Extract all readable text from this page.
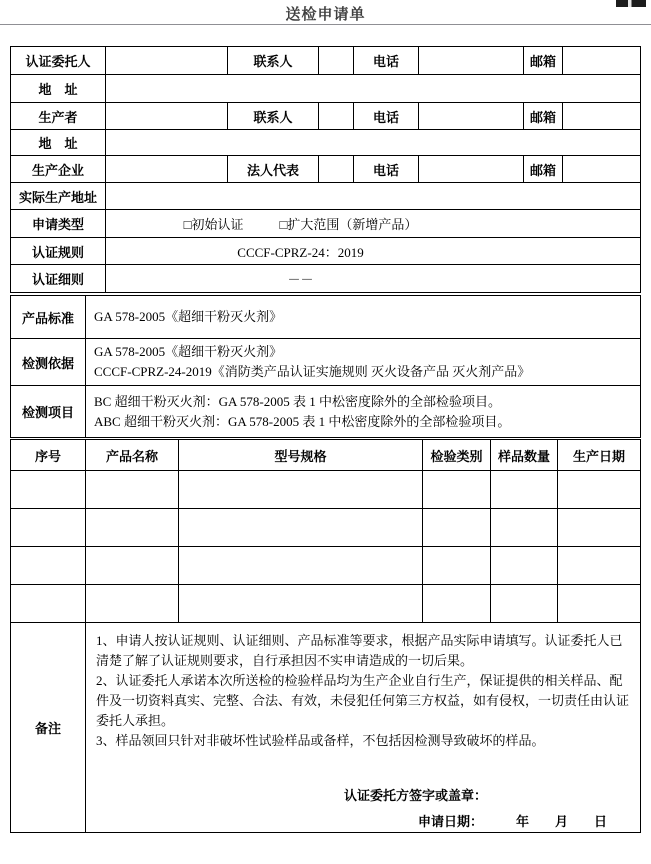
送检申请单
认证委托人		联系人		电话		邮箱	
地　址							
生产者		联系人		电话		邮箱	
地　址							
生产企业		法人代表		电话		邮箱	
实际生产地址							
申请类型	□初始认证 □扩大范围（新增产品）						
认证规则	CCCF-CPRZ-24：2019						
认证细则	－－						
产品标准	GA 578-2005《超细干粉灭火剂》

检测依据	GA 578-2005《超细干粉灭火剂》
CCCF-CPRZ-24-2019《消防类产品认证实施规则 灭火设备产品 灭火剂产品》

检测项目	BC 超细干粉灭火剂：GA 578-2005 表 1 中松密度除外的全部检验项目。
ABC 超细干粉灭火剂：GA 578-2005 表 1 中松密度除外的全部检验项目。
序号	产品名称	型号规格	检验类别	样品数量	生产日期

备注	1、申请人按认证规则、认证细则、产品标准等要求，根据产品实际申请填写。认证委托人已清楚了解了认证规则要求，自行承担因不实申请造成的一切后果。
2、认证委托人承诺本次所送检的检验样品均为生产企业自行生产，保证提供的相关样品、配件及一切资料真实、完整、合法、有效，未侵犯任何第三方权益，如有侵权，一切责任由认证委托人承担。
3、样品领回只针对非破坏性试验样品或备样，不包括因检测导致破坏的样品。
认证委托方签字或盖章：
申请日期： 年 月 日				
